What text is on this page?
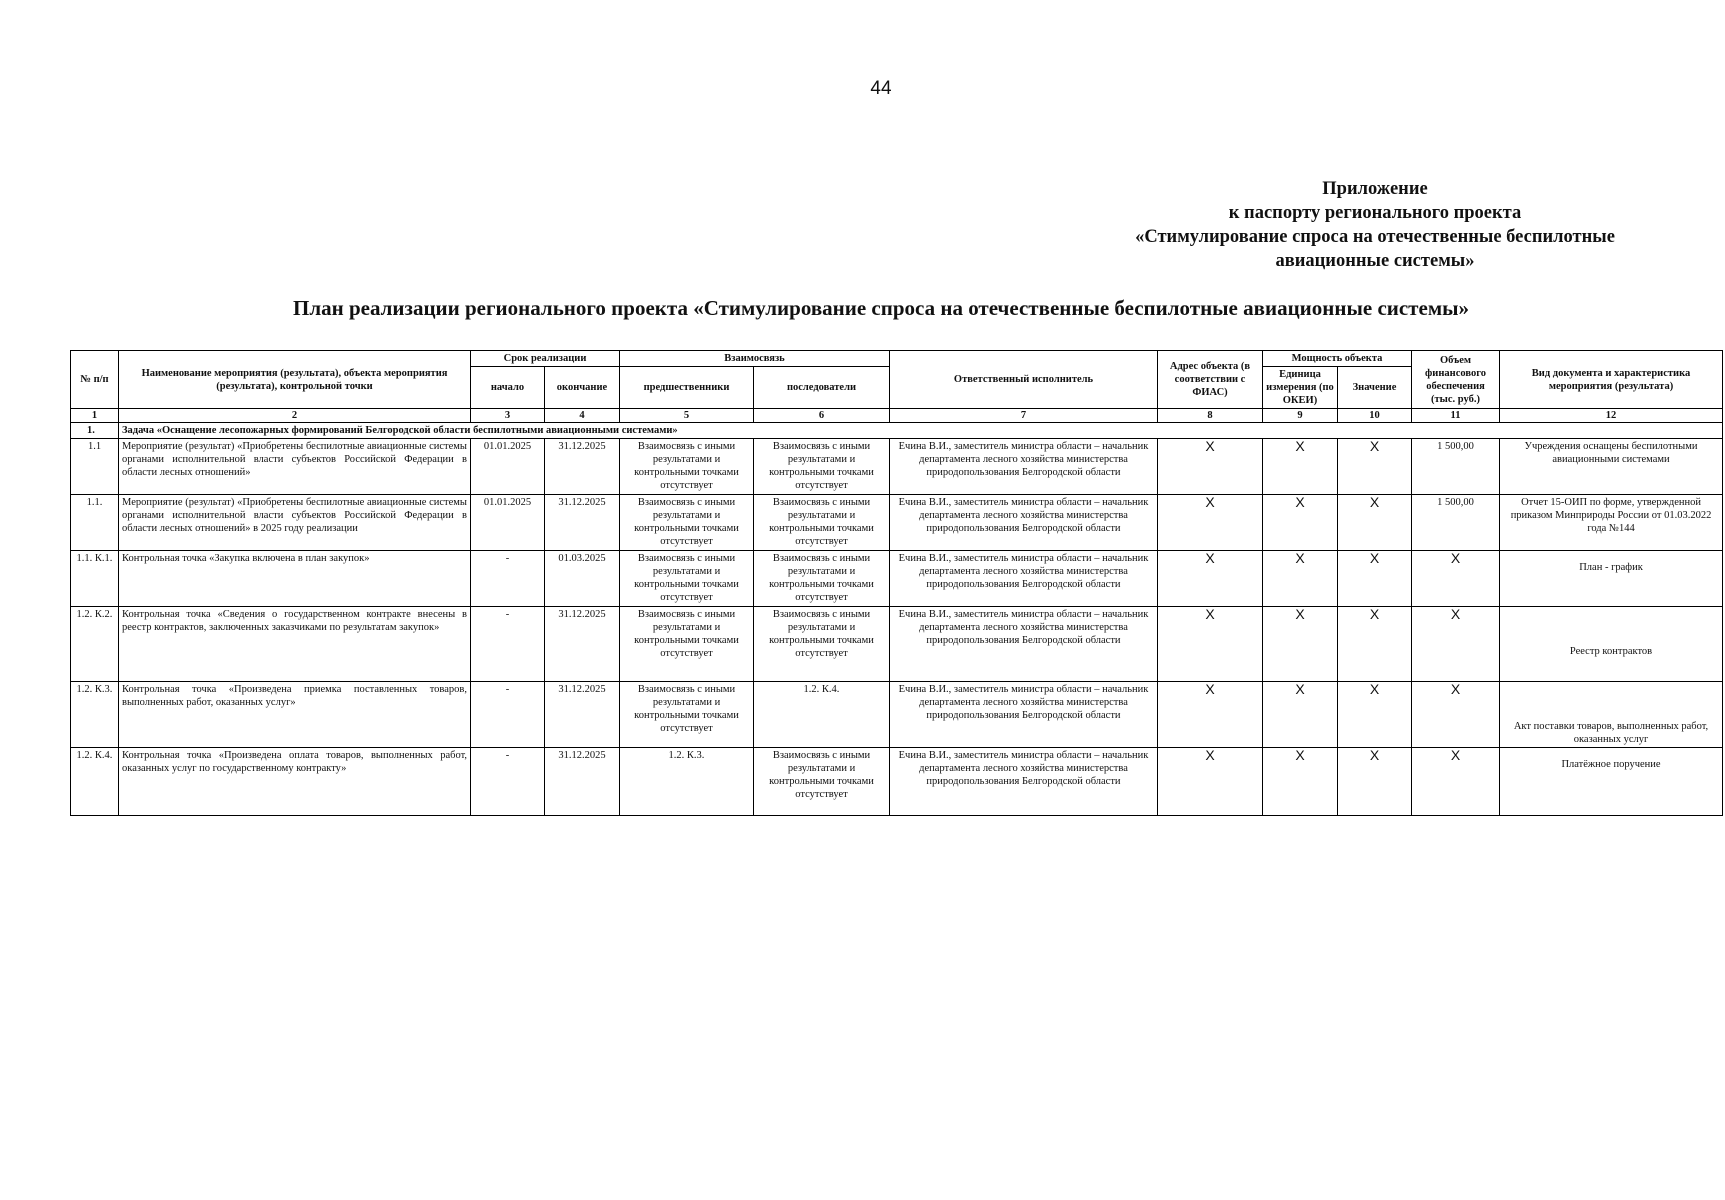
44
Приложение
к паспорту регионального проекта
«Стимулирование спроса на отечественные беспилотные
авиационные системы»
План реализации регионального проекта «Стимулирование спроса на отечественные беспилотные авиационные системы»
№ п/п	Наименование мероприятия (результата), объекта мероприятия (результата), контрольной точки	Срок реализации		Взаимосвязь		Ответственный исполнитель	Адрес объекта (в соответствии с ФИАС)	Мощность объекта		Объем финансового обеспечения (тыс. руб.)	Вид документа и характеристика мероприятия (результата)
		начало	окончание	предшественники	последователи			Единица измерения (по ОКЕИ)	Значение		
1	2	3	4	5	6	7	8	9	10	11	12
1.	Задача «Оснащение лесопожарных формирований Белгородской области беспилотными авиационными системами»										
1.1	Мероприятие (результат) «Приобретены беспилотные авиационные системы органами исполнительной власти субъектов Российской Федерации в области лесных отношений»	01.01.2025	31.12.2025	Взаимосвязь с иными результатами и контрольными точками отсутствует	Взаимосвязь с иными результатами и контрольными точками отсутствует	Ечина В.И., заместитель министра области – начальник департамента лесного хозяйства министерства природопользования Белгородской области	X	X	X	1 500,00	Учреждения оснащены беспилотными авиационными системами
1.1.	Мероприятие (результат) «Приобретены беспилотные авиационные системы органами исполнительной власти субъектов Российской Федерации в области лесных отношений» в 2025 году реализации	01.01.2025	31.12.2025	Взаимосвязь с иными результатами и контрольными точками отсутствует	Взаимосвязь с иными результатами и контрольными точками отсутствует	Ечина В.И., заместитель министра области – начальник департамента лесного хозяйства министерства природопользования Белгородской области	X	X	X	1 500,00	Отчет 15-ОИП по форме, утвержденной приказом Минприроды России от 01.03.2022 года №144
1.1. К.1.	Контрольная точка «Закупка включена в план закупок»	-	01.03.2025	Взаимосвязь с иными результатами и контрольными точками отсутствует	Взаимосвязь с иными результатами и контрольными точками отсутствует	Ечина В.И., заместитель министра области – начальник департамента лесного хозяйства министерства природопользования Белгородской области	X	X	X	X	План - график
1.2. К.2.	Контрольная точка «Сведения о государственном контракте внесены в реестр контрактов, заключенных заказчиками по результатам закупок»	-	31.12.2025	Взаимосвязь с иными результатами и контрольными точками отсутствует	Взаимосвязь с иными результатами и контрольными точками отсутствует	Ечина В.И., заместитель министра области – начальник департамента лесного хозяйства министерства природопользования Белгородской области	X	X	X	X	Реестр контрактов
1.2. К.3.	Контрольная точка «Произведена приемка поставленных товаров, выполненных работ, оказанных услуг»	-	31.12.2025	Взаимосвязь с иными результатами и контрольными точками отсутствует	1.2. К.4.	Ечина В.И., заместитель министра области – начальник департамента лесного хозяйства министерства природопользования Белгородской области	X	X	X	X	Акт поставки товаров, выполненных работ, оказанных услуг
1.2. К.4.	Контрольная точка «Произведена оплата товаров, выполненных работ, оказанных услуг по государственному контракту»	-	31.12.2025	1.2. К.3.	Взаимосвязь с иными результатами и контрольными точками отсутствует	Ечина В.И., заместитель министра области – начальник департамента лесного хозяйства министерства природопользования Белгородской области	X	X	X	X	Платёжное поручение
